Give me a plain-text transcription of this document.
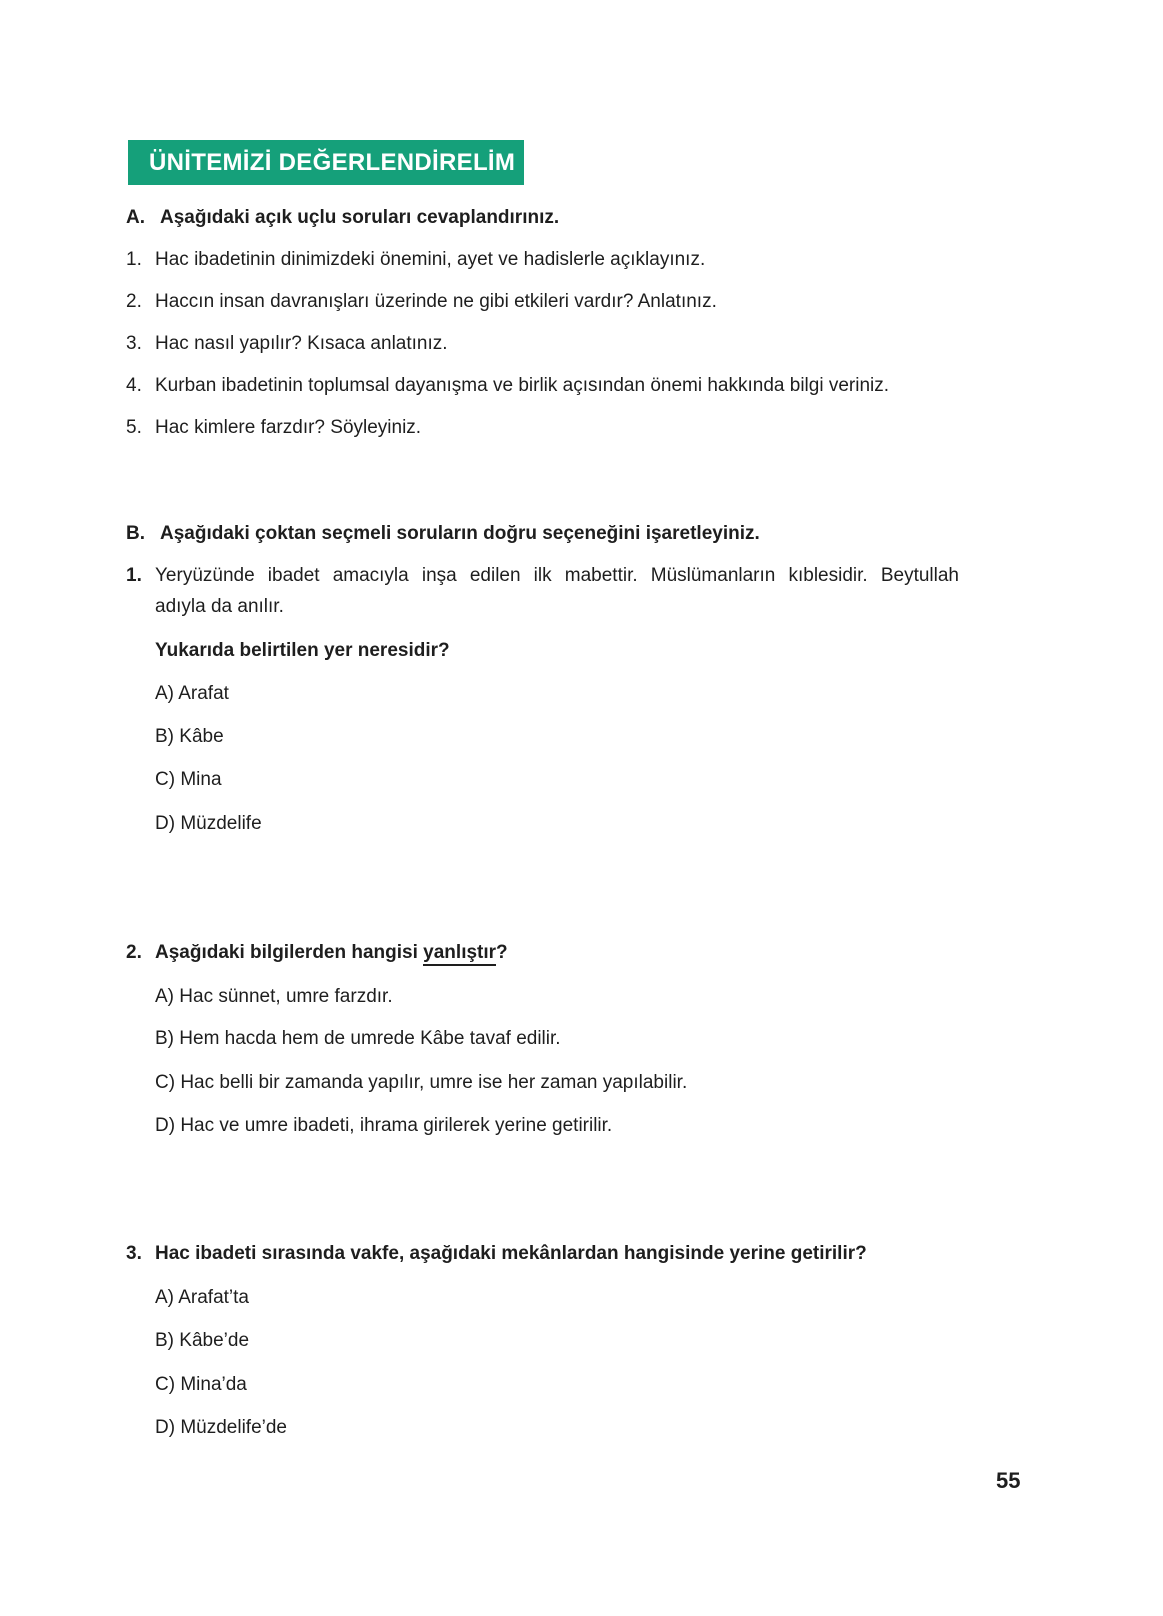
ÜNİTEMİZİ DEĞERLENDİRELİM
A. Aşağıdaki açık uçlu soruları cevaplandırınız.
1. Hac ibadetinin dinimizdeki önemini, ayet ve hadislerle açıklayınız.
2. Haccın insan davranışları üzerinde ne gibi etkileri vardır? Anlatınız.
3. Hac nasıl yapılır? Kısaca anlatınız.
4. Kurban ibadetinin toplumsal dayanışma ve birlik açısından önemi hakkında bilgi veriniz.
5. Hac kimlere farzdır? Söyleyiniz.
B. Aşağıdaki çoktan seçmeli soruların doğru seçeneğini işaretleyiniz.
1. Yeryüzünde ibadet amacıyla inşa edilen ilk mabettir. Müslümanların kıblesidir. Beytullah
adıyla da anılır.
Yukarıda belirtilen yer neresidir?
A) Arafat
B) Kâbe
C) Mina
D) Müzdelife
2. Aşağıdaki bilgilerden hangisi yanlıştır?
A) Hac sünnet, umre farzdır.
B) Hem hacda hem de umrede Kâbe tavaf edilir.
C) Hac belli bir zamanda yapılır, umre ise her zaman yapılabilir.
D) Hac ve umre ibadeti, ihrama girilerek yerine getirilir.
3. Hac ibadeti sırasında vakfe, aşağıdaki mekânlardan hangisinde yerine getirilir?
A) Arafat’ta
B) Kâbe’de
C) Mina’da
D) Müzdelife’de
55
